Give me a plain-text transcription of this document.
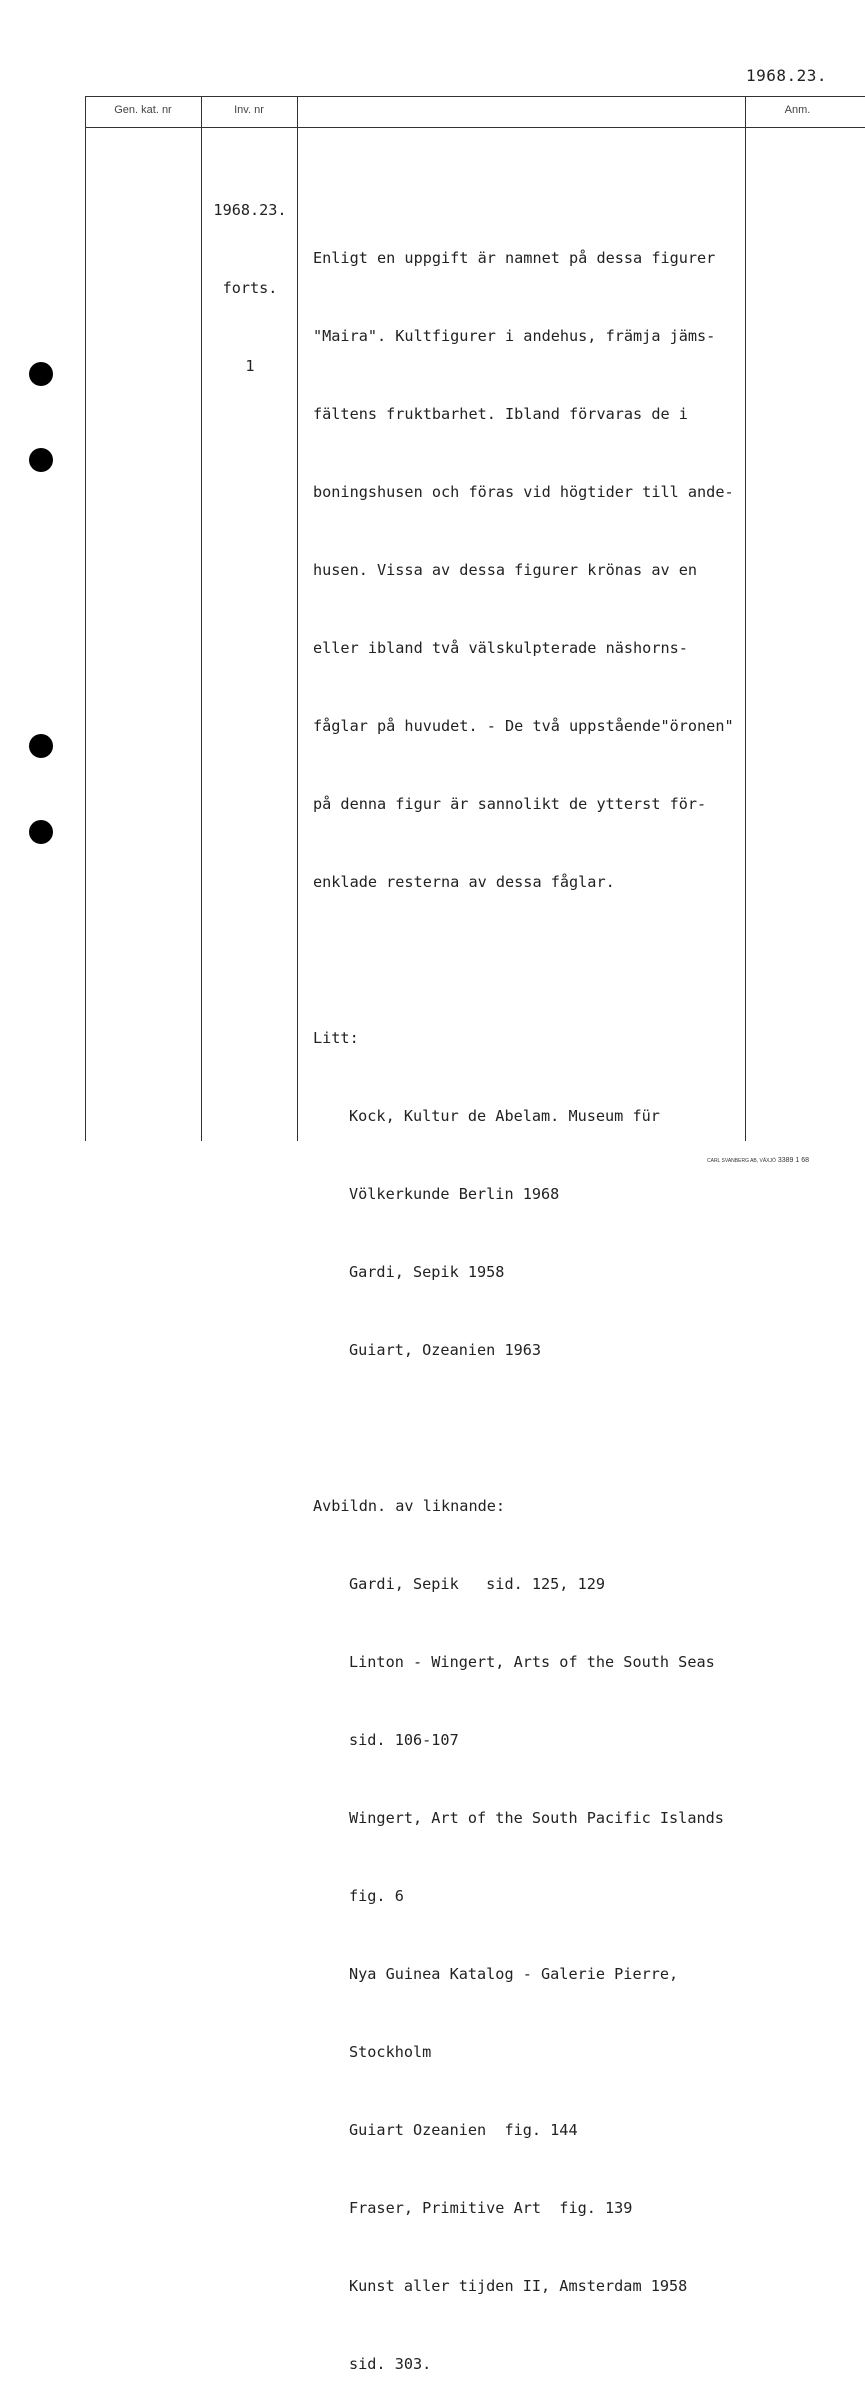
1968.23.
Gen. kat. nr	Inv. nr	Anm.

1968.23.

forts.

1

Enligt en uppgift är namnet på dessa figurer

"Maira". Kultfigurer i andehus, främja jäms-

fältens fruktbarhet. Ibland förvaras de i

boningshusen och föras vid högtider till ande-

husen. Vissa av dessa figurer krönas av en

eller ibland två välskulpterade näshorns-

fåglar på huvudet. - De två uppstående"öronen"

på denna figur är sannolikt de ytterst för-

enklade resterna av dessa fåglar.

Litt:

Kock, Kultur de Abelam. Museum für

Völkerkunde Berlin 1968

Gardi, Sepik 1958

Guiart, Ozeanien 1963

Avbildn. av liknande:

Gardi, Sepik   sid. 125, 129

Linton - Wingert, Arts of the South Seas

sid. 106-107

Wingert, Art of the South Pacific Islands

fig. 6

Nya Guinea Katalog - Galerie Pierre,

Stockholm

Guiart Ozeanien  fig. 144

Fraser, Primitive Art  fig. 139

Kunst aller tijden II, Amsterdam 1958

sid. 303.

CARL SVANBERG AB, VÄXJÖ 3389 1 68
